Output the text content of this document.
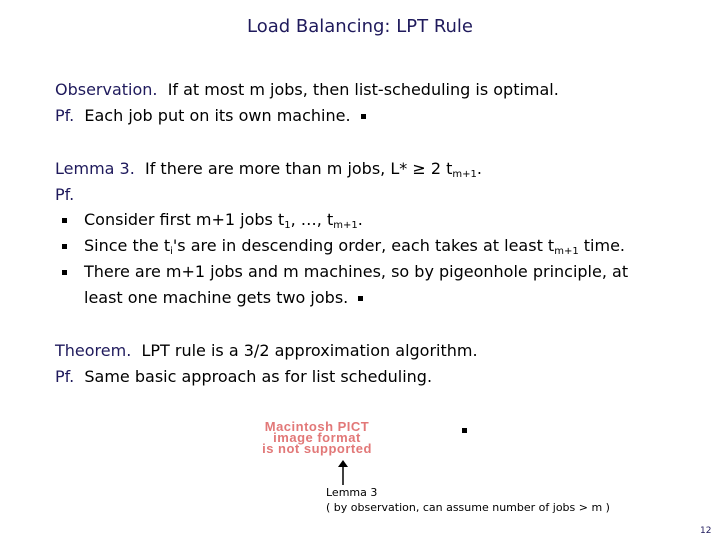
Load Balancing: LPT Rule
Observation. If at most m jobs, then list-scheduling is optimal.
Pf. Each job put on its own machine.
Lemma 3. If there are more than m jobs, L* ≥ 2 $t_{m+1}$.
Pf.
Consider first m+1 jobs $t_1$, …, $t_{m+1}$.
Since the $t_i's$ are in descending order, each takes at least $t_{m+1}$ time.
There are m+1 jobs and m machines, so by pigeonhole principle, at
least one machine gets two jobs.
Theorem. LPT rule is a 3/2 approximation algorithm.
Pf. Same basic approach as for list scheduling.
Macintosh PICT
image format
is not supported
Lemma 3
( by observation, can assume number of jobs > m )
12
